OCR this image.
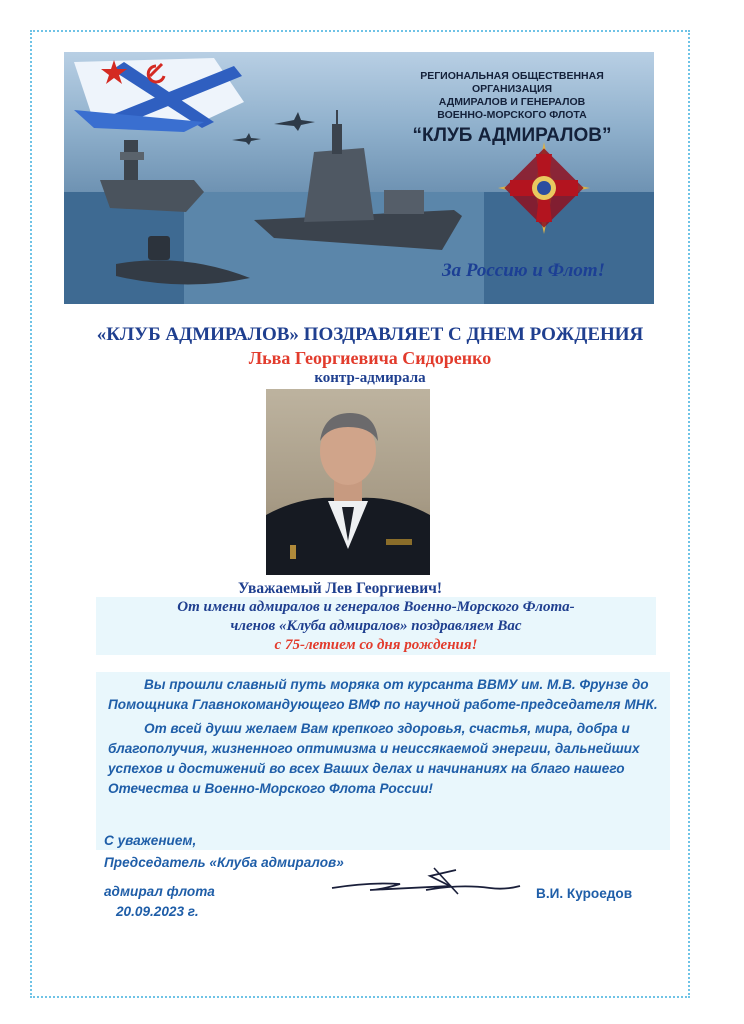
РЕГИОНАЛЬНАЯ ОБЩЕСТВЕННАЯ ОРГАНИЗАЦИЯ
АДМИРАЛОВ И ГЕНЕРАЛОВ
ВОЕННО-МОРСКОГО ФЛОТА
“КЛУБ АДМИРАЛОВ”
За Россию и Флот!
«КЛУБ АДМИРАЛОВ» ПОЗДРАВЛЯЕТ С ДНЕМ РОЖДЕНИЯ
Льва Георгиевича Сидоренко
контр-адмирала
Уважаемый Лев Георгиевич!
От имени адмиралов и генералов Военно-Морского Флота-
членов «Клуба адмиралов» поздравляем Вас
с 75-летием со дня рождения!

Вы прошли славный путь моряка от курсанта ВВМУ им. М.В. Фрунзе до Помощника Главнокомандующего ВМФ по научной работе-председателя МНК.

От всей души желаем Вам крепкого здоровья, счастья, мира, добра и благополучия, жизненного оптимизма и неиссякаемой энергии, дальнейших успехов и достижений во всех Ваших делах и начинаниях на благо нашего Отечества и Военно-Морского Флота России!

С уважением,
Председатель «Клуба адмиралов»
адмирал флота
20.09.2023 г.
В.И. Куроедов
